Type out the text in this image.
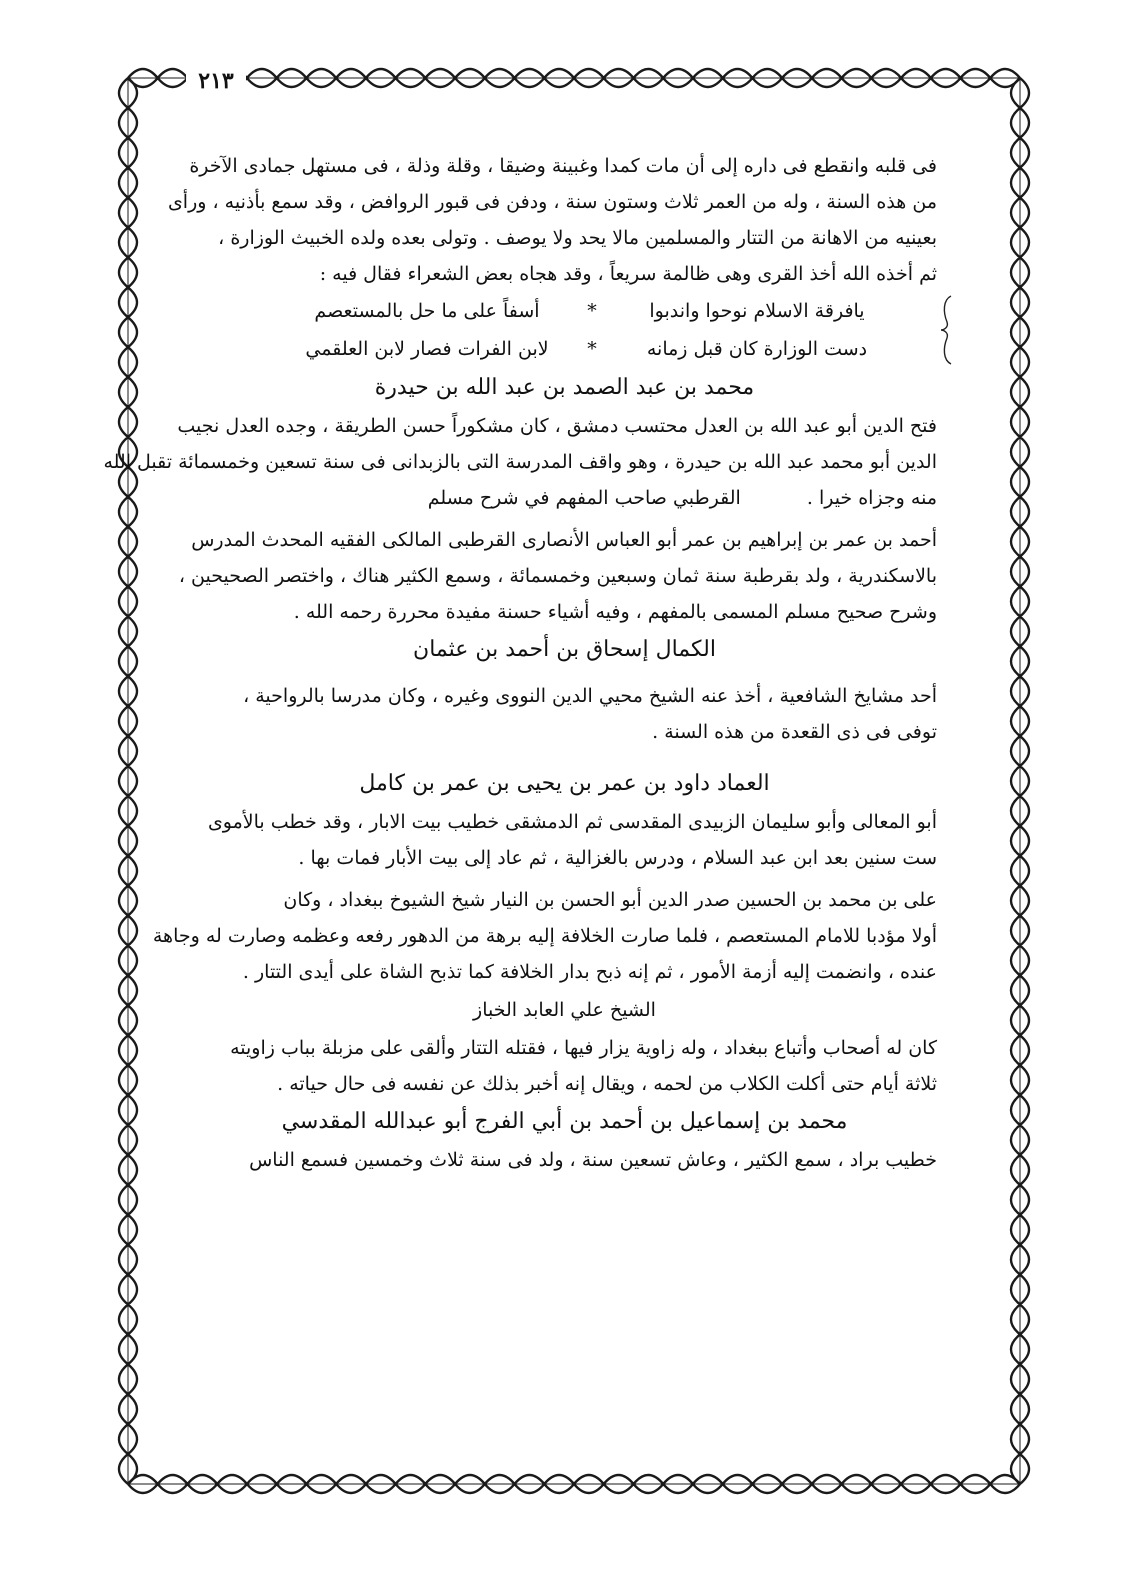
٢١٣
فى قلبه وانقطع فى داره إلى أن مات كمدا وغبينة وضيقا ، وقلة وذلة ، فى مستهل جمادى الآخرة
من هذه السنة ، وله من العمر ثلاث وستون سنة ، ودفن فى قبور الروافض ، وقد سمع بأذنيه ، ورأى
بعينيه من الاهانة من التتار والمسلمين مالا يحد ولا يوصف . وتولى بعده ولده الخبيث الوزارة ،
ثم أخذه الله أخذ القرى وهى ظالمة سريعاً ، وقد هجاه بعض الشعراء فقال فيه :
يافرقة الاسلام نوحوا واندبوا
*
أسفاً على ما حل بالمستعصم
دست الوزارة كان قبل زمانه
*
لابن الفرات فصار لابن العلقمي
محمد بن عبد الصمد بن عبد الله بن حيدرة
فتح الدين أبو عبد الله بن العدل محتسب دمشق ، كان مشكوراً حسن الطريقة ، وجده العدل نجيب
الدين أبو محمد عبد الله بن حيدرة ، وهو واقف المدرسة التى بالزبدانى فى سنة تسعين وخمسمائة تقبل الله
منه وجزاه خيرا . القرطبي صاحب المفهم في شرح مسلم
أحمد بن عمر بن إبراهيم بن عمر أبو العباس الأنصارى القرطبى المالكى الفقيه المحدث المدرس
بالاسكندرية ، ولد بقرطبة سنة ثمان وسبعين وخمسمائة ، وسمع الكثير هناك ، واختصر الصحيحين ،
وشرح صحيح مسلم المسمى بالمفهم ، وفيه أشياء حسنة مفيدة محررة رحمه الله .
الكمال إسحاق بن أحمد بن عثمان
أحد مشايخ الشافعية ، أخذ عنه الشيخ محيي الدين النووى وغيره ، وكان مدرسا بالرواحية ،
توفى فى ذى القعدة من هذه السنة .
العماد داود بن عمر بن يحيى بن عمر بن كامل
أبو المعالى وأبو سليمان الزبيدى المقدسى ثم الدمشقى خطيب بيت الابار ، وقد خطب بالأموى
ست سنين بعد ابن عبد السلام ، ودرس بالغزالية ، ثم عاد إلى بيت الأبار فمات بها .
على بن محمد بن الحسين صدر الدين أبو الحسن بن النيار شيخ الشيوخ ببغداد ، وكان
أولا مؤدبا للامام المستعصم ، فلما صارت الخلافة إليه برهة من الدهور رفعه وعظمه وصارت له وجاهة
عنده ، وانضمت إليه أزمة الأمور ، ثم إنه ذبح بدار الخلافة كما تذبح الشاة على أيدى التتار .
الشيخ علي العابد الخباز
كان له أصحاب وأتباع ببغداد ، وله زاوية يزار فيها ، فقتله التتار وألقى على مزبلة بباب زاويته
ثلاثة أيام حتى أكلت الكلاب من لحمه ، ويقال إنه أخبر بذلك عن نفسه فى حال حياته .
محمد بن إسماعيل بن أحمد بن أبي الفرج أبو عبدالله المقدسي
خطيب براد ، سمع الكثير ، وعاش تسعين سنة ، ولد فى سنة ثلاث وخمسين فسمع الناس
